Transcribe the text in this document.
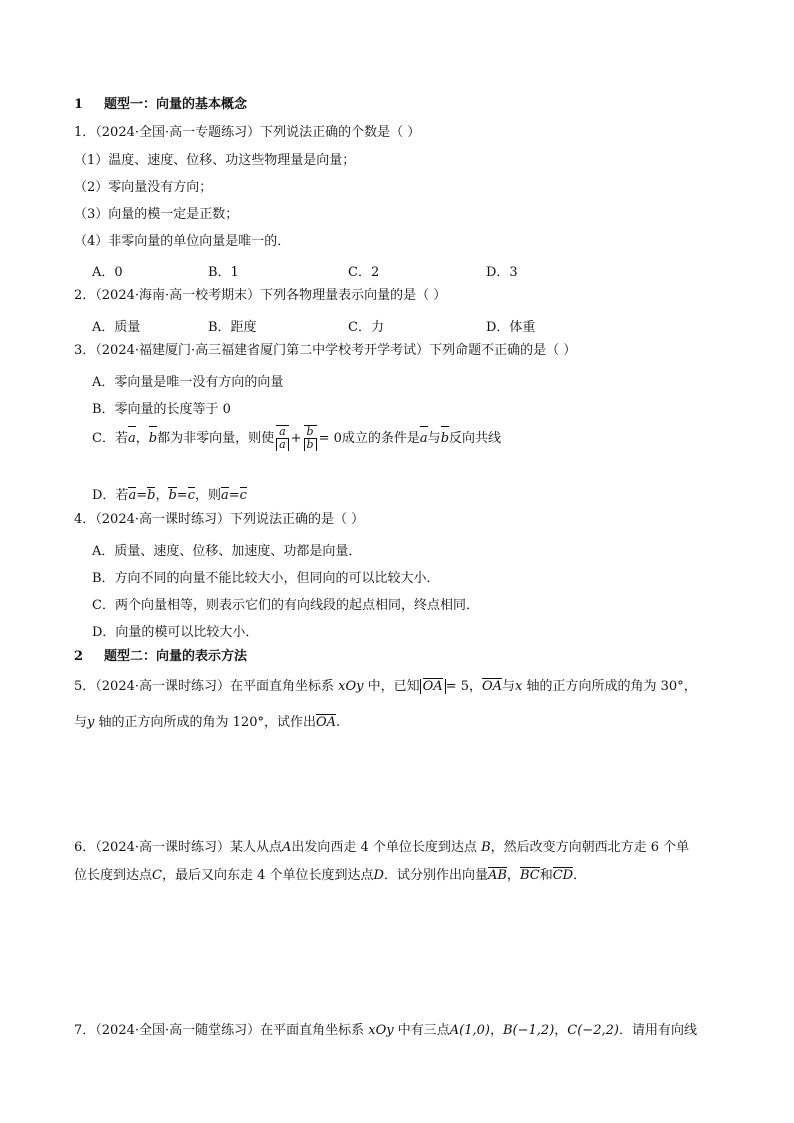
1 题型一：向量的基本概念
1．（2024·全国·高一专题练习）下列说法正确的个数是（ ）
（1）温度、速度、位移、功这些物理量是向量；
（2）零向量没有方向；
（3）向量的模一定是正数；
（4）非零向量的单位向量是唯一的．
A．0	B．1	C．2	D．3
2．（2024·海南·高一校考期末）下列各物理量表示向量的是（ ）
A．质量	B．距度	C．力	D．体重
3．（2024·福建厦门·高三福建省厦门第二中学校考开学考试）下列命题不正确的是（ ）
A．零向量是唯一没有方向的向量
B．零向量的长度等于 0
C．若a，b都为非零向量，则使 $\frac{a}{a} + \frac{b}{b} = 0$成立的条件是a与b反向共线
D．若a=b，b=c，则a=c
4．（2024·高一课时练习）下列说法正确的是（ ）
A．质量、速度、位移、加速度、功都是向量．
B．方向不同的向量不能比较大小，但同向的可以比较大小．
C．两个向量相等，则表示它们的有向线段的起点相同，终点相同．
D．向量的模可以比较大小．
2 题型二：向量的表示方法
5．（2024·高一课时练习）在平面直角坐标系 xOy 中，已知 OA = 5，OA与x 轴的正方向所成的角为 30°，
与y 轴的正方向所成的角为 120°，试作出OA.
6．（2024·高一课时练习）某人从点A出发向西走 4 个单位长度到达点 B，然后改变方向朝西北方走 6 个单
位长度到达点C，最后又向东走 4 个单位长度到达点D．试分别作出向量AB，BC和CD．
7．（2024·全国·高一随堂练习）在平面直角坐标系 xOy 中有三点A(1,0)，B(−1,2)，C(−2,2)．请用有向线
